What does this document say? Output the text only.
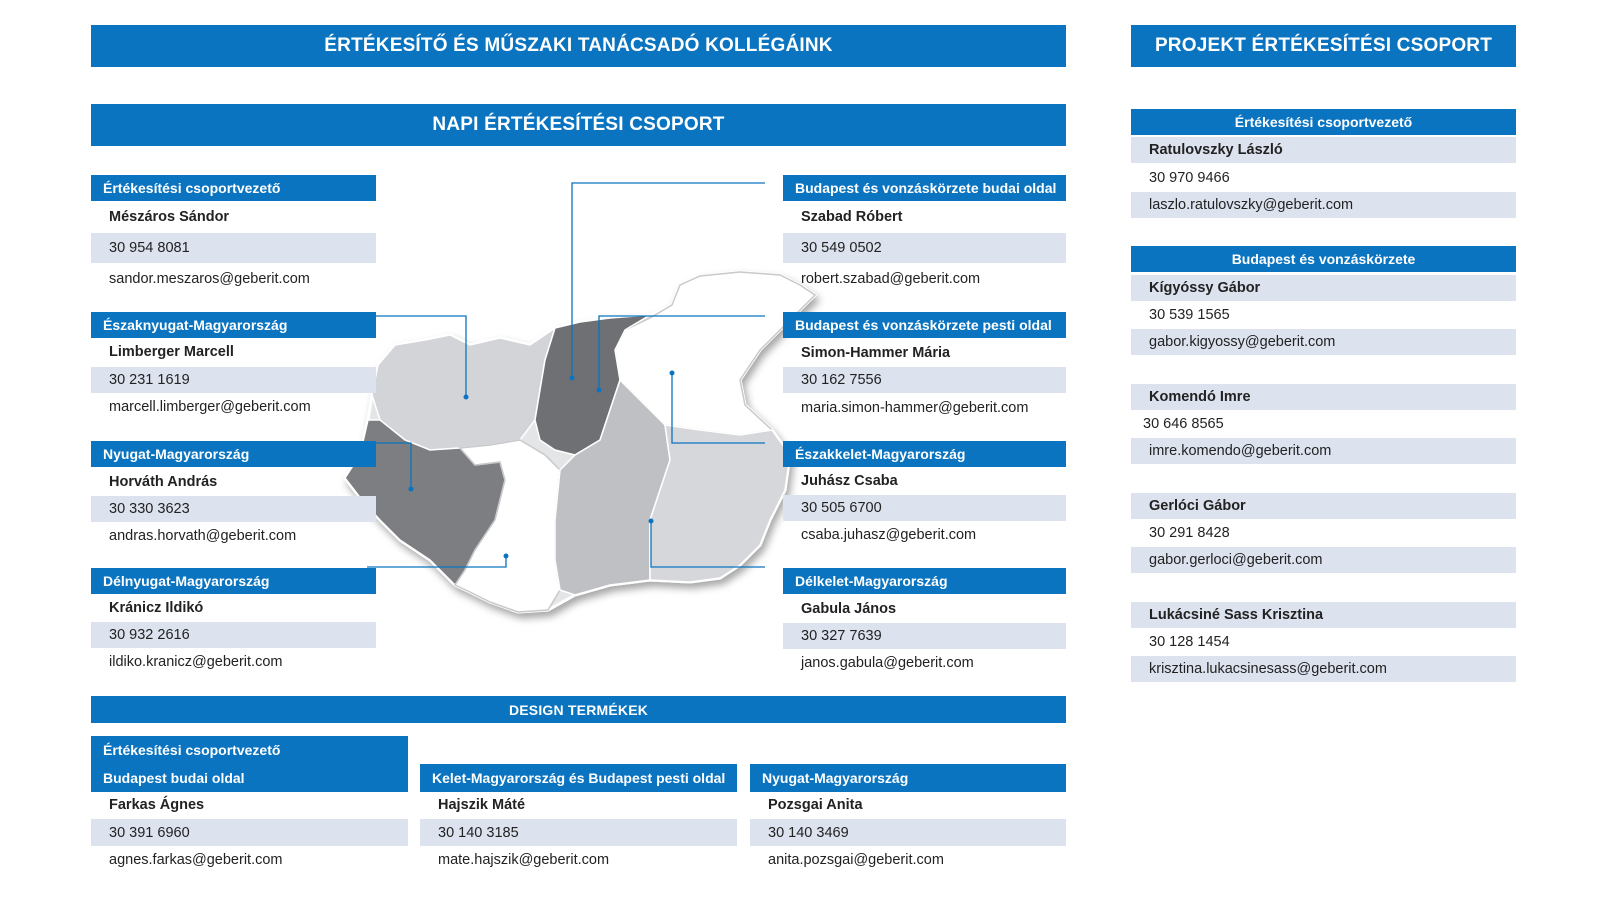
ÉRTÉKESÍTŐ ÉS MŰSZAKI TANÁCSADÓ KOLLÉGÁINK	PROJEKT ÉRTÉKESÍTÉSI CSOPORT
NAPI ÉRTÉKESÍTÉSI CSOPORT
Értékesítési csoportvezető
Mészáros Sándor
30 954 8081
sandor.meszaros@geberit.com
Északnyugat-Magyarország
Limberger Marcell
30 231 1619
marcell.limberger@geberit.com
Nyugat-Magyarország
Horváth András
30 330 3623
andras.horvath@geberit.com
Délnyugat-Magyarország
Kránicz Ildikó
30 932 2616
ildiko.kranicz@geberit.com
Budapest és vonzáskörzete budai oldal
Szabad Róbert
30 549 0502
robert.szabad@geberit.com
Budapest és vonzáskörzete pesti oldal
Simon-Hammer Mária
30 162 7556
maria.simon-hammer@geberit.com
Északkelet-Magyarország
Juhász Csaba
30 505 6700
csaba.juhasz@geberit.com
Délkelet-Magyarország
Gabula János
30 327 7639
janos.gabula@geberit.com
Értékesítési csoportvezető
Ratulovszky László
30 970 9466
laszlo.ratulovszky@geberit.com
Budapest és vonzáskörzete
Kígyóssy Gábor
30 539 1565
gabor.kigyossy@geberit.com
Komendó Imre
30 646 8565
imre.komendo@geberit.com
Gerlóci Gábor
30 291 8428
gabor.gerloci@geberit.com
Lukácsiné Sass Krisztina
30 128 1454
krisztina.lukacsinesass@geberit.com
DESIGN TERMÉKEK
Értékesítési csoportvezető
Budapest budai oldal
Farkas Ágnes
30 391 6960
agnes.farkas@geberit.com
Kelet-Magyarország és Budapest pesti oldal
Hajszik Máté
30 140 3185
mate.hajszik@geberit.com
Nyugat-Magyarország
Pozsgai Anita
30 140 3469
anita.pozsgai@geberit.com
